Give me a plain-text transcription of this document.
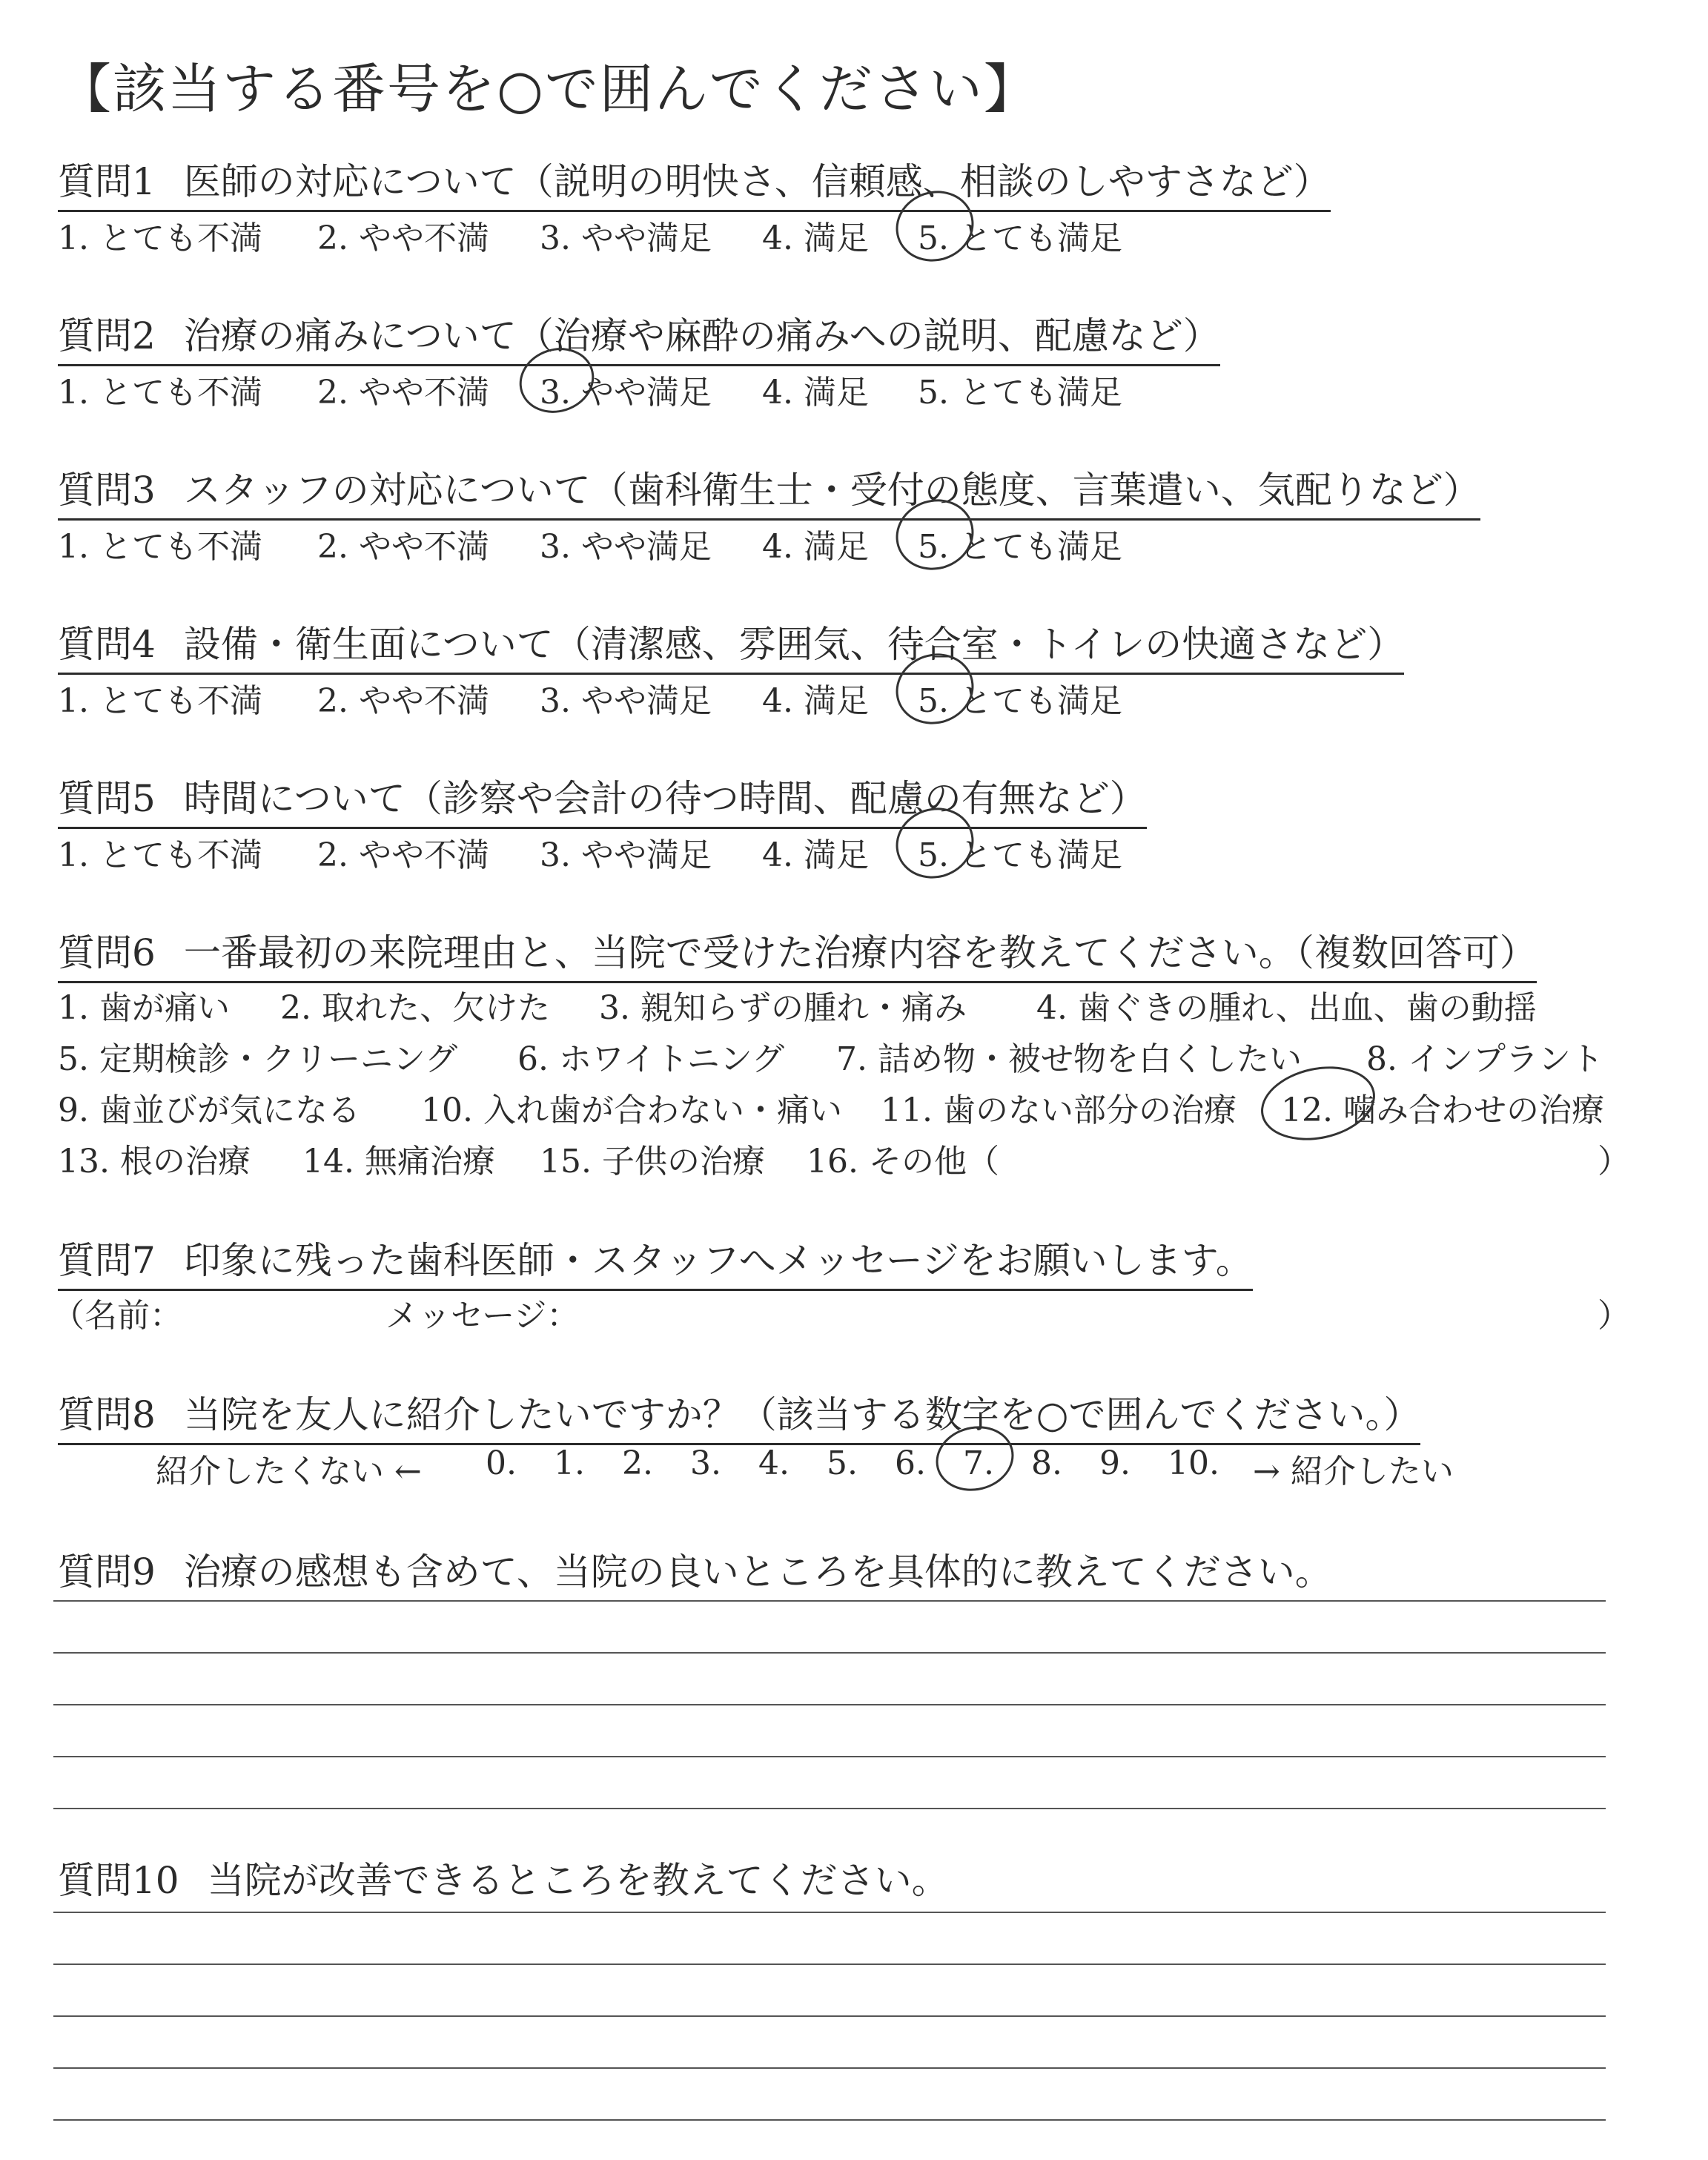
【該当する番号を○で囲んでください】
質問1 医師の対応について（説明の明快さ、信頼感、相談のしやすさなど）
1. とても不満 2. やや不満 3. やや満足 4. 満足 5. とても満足
質問2 治療の痛みについて（治療や麻酔の痛みへの説明、配慮など）
1. とても不満 2. やや不満 3. やや満足 4. 満足 5. とても満足
質問3 スタッフの対応について（歯科衛生士・受付の態度、言葉遣い、気配りなど）
1. とても不満 2. やや不満 3. やや満足 4. 満足 5. とても満足
質問4 設備・衛生面について（清潔感、雰囲気、待合室・トイレの快適さなど）
1. とても不満 2. やや不満 3. やや満足 4. 満足 5. とても満足
質問5 時間について（診察や会計の待つ時間、配慮の有無など）
1. とても不満 2. やや不満 3. やや満足 4. 満足 5. とても満足
質問6 一番最初の来院理由と、当院で受けた治療内容を教えてください。（複数回答可）
1. 歯が痛い 2. 取れた、欠けた 3. 親知らずの腫れ・痛み 4. 歯ぐきの腫れ、出血、歯の動揺
5. 定期検診・クリーニング 6. ホワイトニング 7. 詰め物・被せ物を白くしたい 8. インプラント
9. 歯並びが気になる 10. 入れ歯が合わない・痛い 11. 歯のない部分の治療 12. 噛み合わせの治療
13. 根の治療 14. 無痛治療 15. 子供の治療 16. その他（	）
質問7 印象に残った歯科医師・スタッフへメッセージをお願いします。
（名前：	メッセージ：	）
質問8 当院を友人に紹介したいですか？（該当する数字を○で囲んでください。）
紹介したくない ← 0. 1. 2. 3. 4. 5. 6. 7. 8. 9. 10. → 紹介したい
質問9 治療の感想も含めて、当院の良いところを具体的に教えてください。
質問10 当院が改善できるところを教えてください。
